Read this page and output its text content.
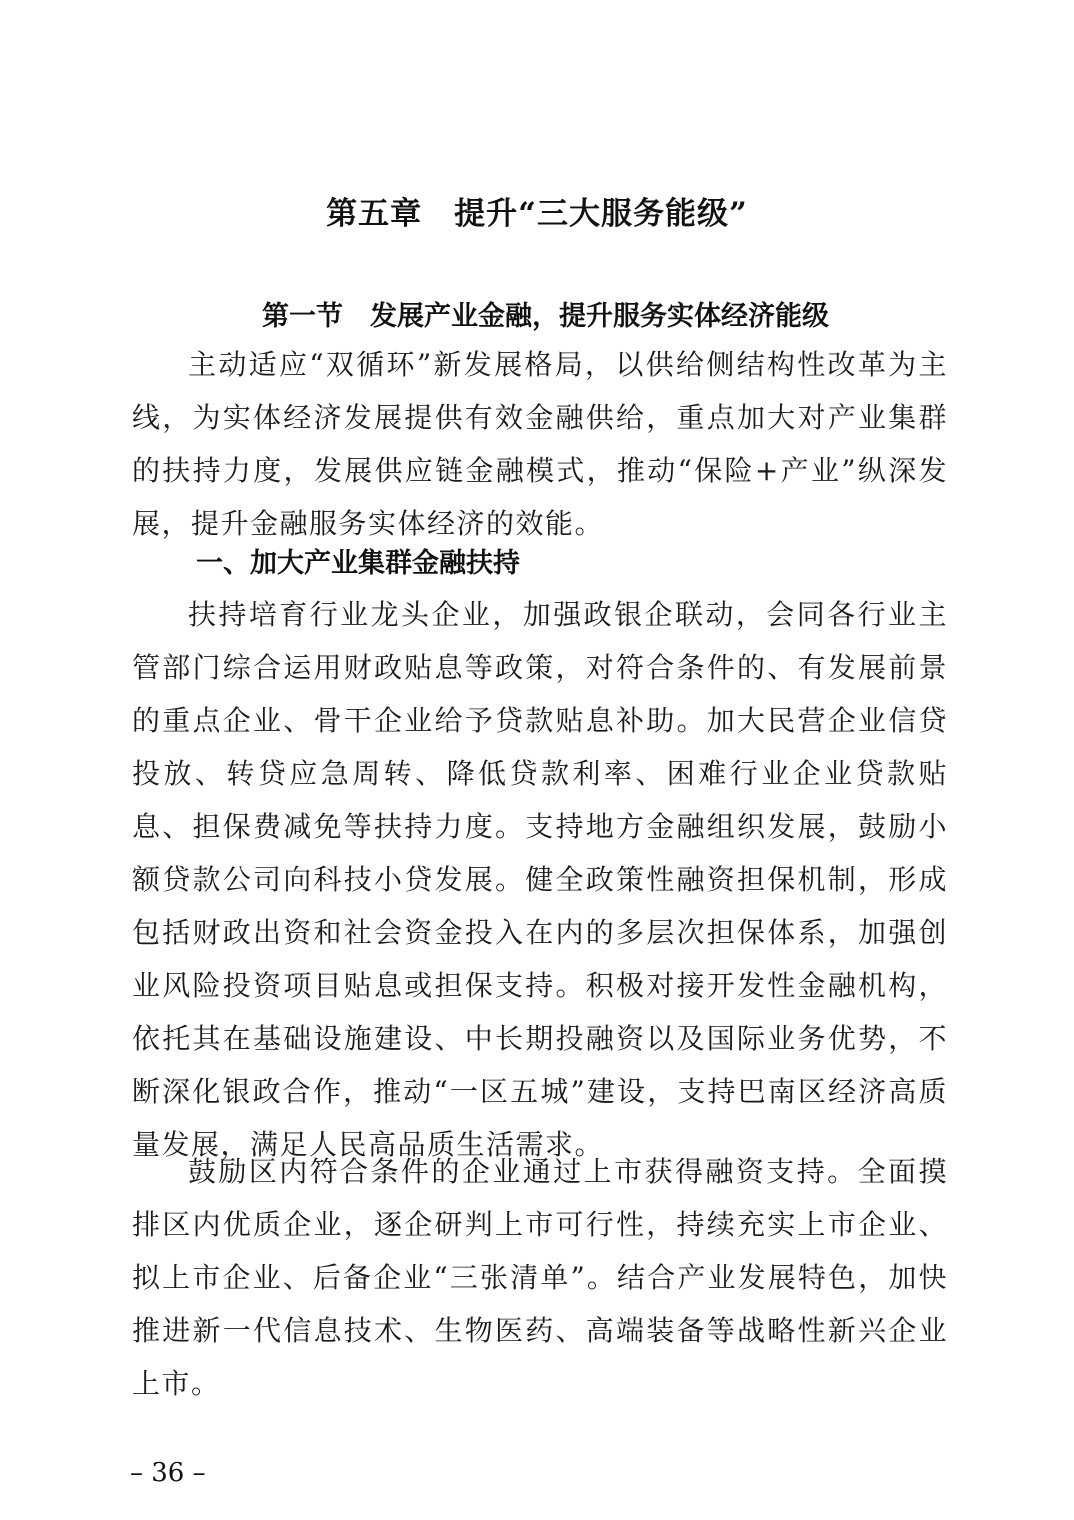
第五章　提升“三大服务能级”
第一节　发展产业金融，提升服务实体经济能级

主动适应“双循环”新发展格局，以供给侧结构性改革为主线，为实体经济发展提供有效金融供给，重点加大对产业集群的扶持力度，发展供应链金融模式，推动“保险+产业”纵深发展，提升金融服务实体经济的效能。

一、加大产业集群金融扶持

扶持培育行业龙头企业，加强政银企联动，会同各行业主管部门综合运用财政贴息等政策，对符合条件的、有发展前景的重点企业、骨干企业给予贷款贴息补助。加大民营企业信贷投放、转贷应急周转、降低贷款利率、困难行业企业贷款贴息、担保费减免等扶持力度。支持地方金融组织发展，鼓励小额贷款公司向科技小贷发展。健全政策性融资担保机制，形成包括财政出资和社会资金投入在内的多层次担保体系，加强创业风险投资项目贴息或担保支持。积极对接开发性金融机构，依托其在基础设施建设、中长期投融资以及国际业务优势，不断深化银政合作，推动“一区五城”建设，支持巴南区经济高质量发展，满足人民高品质生活需求。

鼓励区内符合条件的企业通过上市获得融资支持。全面摸排区内优质企业，逐企研判上市可行性，持续充实上市企业、拟上市企业、后备企业“三张清单”。结合产业发展特色，加快推进新一代信息技术、生物医药、高端装备等战略性新兴企业上市。

– 36 –
